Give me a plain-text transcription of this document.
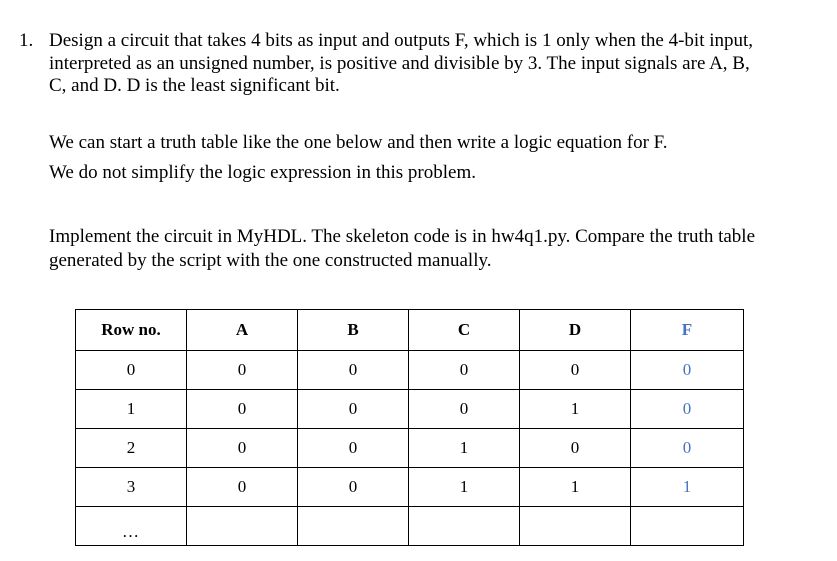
1. Design a circuit that takes 4 bits as input and outputs F, which is 1 only when the 4-bit input,
interpreted as an unsigned number, is positive and divisible by 3. The input signals are A, B,
C, and D. D is the least significant bit.
We can start a truth table like the one below and then write a logic equation for F.
We do not simplify the logic expression in this problem.
Implement the circuit in MyHDL. The skeleton code is in hw4q1.py. Compare the truth table
generated by the script with the one constructed manually.
Row no.	A	B	C	D	F
0	0	0	0	0	0
1	0	0	0	1	0
2	0	0	1	0	0
3	0	0	1	1	1
…					
